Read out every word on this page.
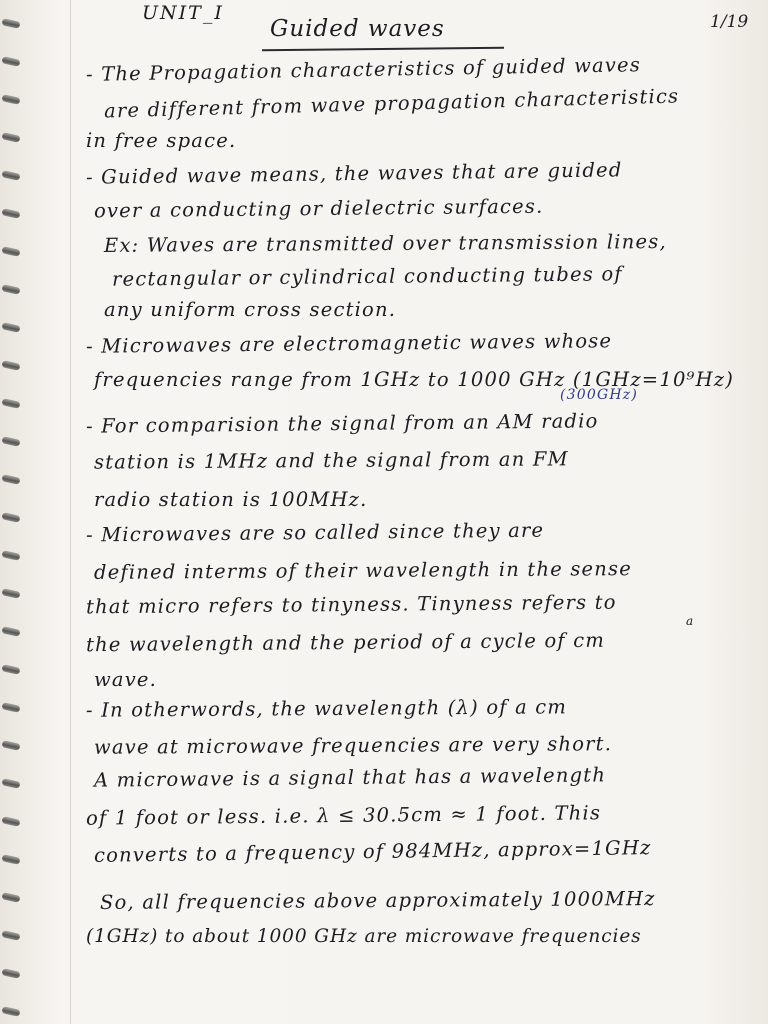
UNIT_I
Guided waves	1/19
- The Propagation characteristics of guided waves
are different from wave propagation characteristics
in free space.
- Guided wave means, the waves that are guided
over a conducting or dielectric surfaces.
Ex: Waves are transmitted over transmission lines,
rectangular or cylindrical conducting tubes of
any uniform cross section.
- Microwaves are electromagnetic waves whose
frequencies range from 1GHz to 1000 GHz (1GHz=10⁹Hz)
(300GHz)
- For comparision the signal from an AM radio
station is 1MHz and the signal from an FM
radio station is 100MHz.
- Microwaves are so called since they are
defined interms of their wavelength in the sense
that micro refers to tinyness. Tinyness refers to
the wavelength and the period of a cycle of cm
a
wave.
- In otherwords, the wavelength (λ) of a cm
wave at microwave frequencies are very short.
A microwave is a signal that has a wavelength
of 1 foot or less. i.e. λ ≤ 30.5cm ≈ 1 foot. This
converts to a frequency of 984MHz, approx=1GHz
So, all frequencies above approximately 1000MHz
(1GHz) to about 1000 GHz are microwave frequencies
